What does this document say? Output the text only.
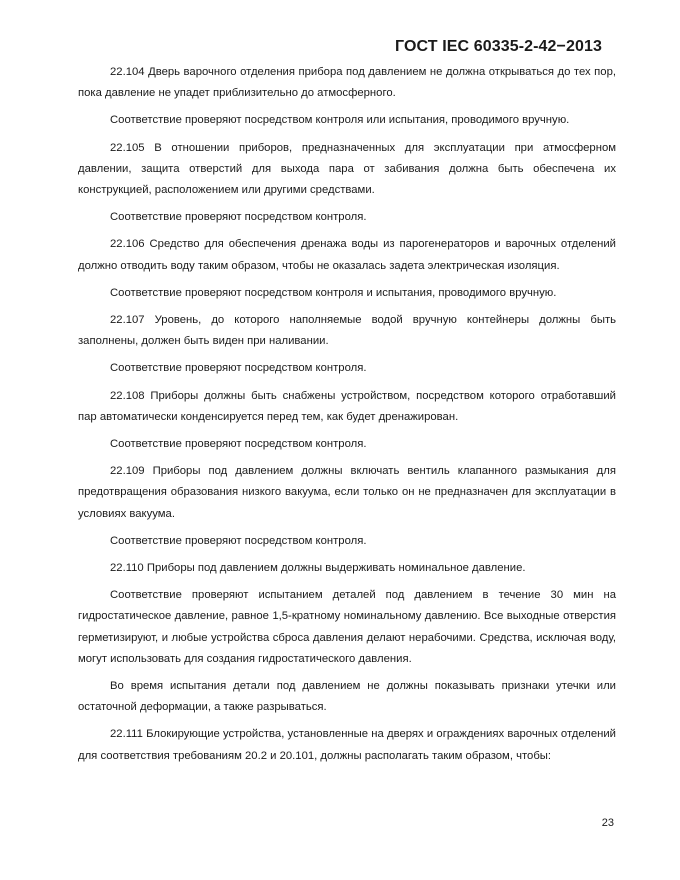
ГОСТ IEC 60335-2-42−2013

22.104 Дверь варочного отделения прибора под давлением не должна открываться до тех пор, пока давление не упадет приблизительно до атмосферного.

Соответствие проверяют посредством контроля или испытания, проводимого вручную.

22.105 В отношении приборов, предназначенных для эксплуатации при атмосферном давлении, защита отверстий для выхода пара от забивания должна быть обеспечена их конструкцией, расположением или другими средствами.

Соответствие проверяют посредством контроля.

22.106 Средство для обеспечения дренажа воды из парогенераторов и варочных отделений должно отводить воду таким образом, чтобы не оказалась задета электрическая изоляция.

Соответствие проверяют посредством контроля и испытания, проводимого вручную.

22.107 Уровень, до которого наполняемые водой вручную контейнеры должны быть заполнены, должен быть виден при наливании.

Соответствие проверяют посредством контроля.

22.108 Приборы должны быть снабжены устройством, посредством которого отработавший пар автоматически конденсируется перед тем, как будет дренажирован.

Соответствие проверяют посредством контроля.

22.109 Приборы под давлением должны включать вентиль клапанного размыкания для предотвращения образования низкого вакуума, если только он не предназначен для эксплуатации в условиях вакуума.

Соответствие проверяют посредством контроля.

22.110 Приборы под давлением должны выдерживать номинальное давление.

Соответствие проверяют испытанием деталей под давлением в течение 30 мин на гидростатическое давление, равное 1,5-кратному номинальному давлению. Все выходные отверстия герметизируют, и любые устройства сброса давления делают нерабочими. Средства, исключая воду, могут использовать для создания гидростатического давления.

Во время испытания детали под давлением не должны показывать признаки утечки или остаточной деформации, а также разрываться.

22.111 Блокирующие устройства, установленные на дверях и ограждениях варочных отделений для соответствия требованиям 20.2 и 20.101, должны располагать таким образом, чтобы:

23
